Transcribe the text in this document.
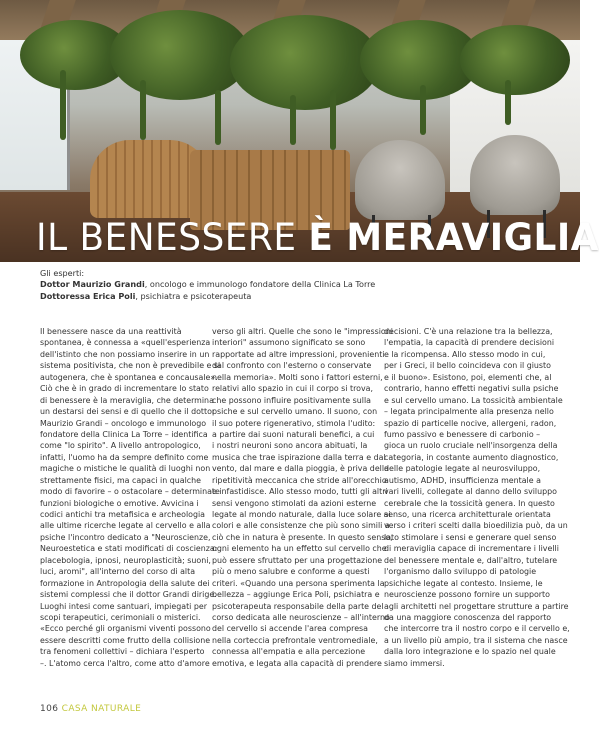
IL BENESSERE È MERAVIGLIA
Gli esperti:
Dottor Maurizio Grandi, oncologo e immunologo fondatore della Clinica La Torre
Dottoressa Erica Poli, psichiatra e psicoterapeuta
Il benessere nasce da una reattività
spontanea, è connessa a «quell'esperienza
dell'istinto che non possiamo inserire in un
sistema positivista, che non è prevedibile e si
autogenera, che è spontanea e concausale».
Ciò che è in grado di incrementare lo stato
di benessere è la meraviglia, che determina
un destarsi dei sensi e di quello che il dottor
Maurizio Grandi – oncologo e immunologo
fondatore della Clinica La Torre – identifica
come "lo spirito". A livello antropologico,
infatti, l'uomo ha da sempre definito come
magiche o mistiche le qualità di luoghi non
strettamente fisici, ma capaci in qualche
modo di favorire – o ostacolare – determinate
funzioni biologiche o emotive. Avvicina i
codici antichi tra metafisica e archeologia
alle ultime ricerche legate al cervello e alla
psiche l'incontro dedicato a "Neuroscienze,
Neuroestetica e stati modificati di coscienza:
placebologia, ipnosi, neuroplasticità; suoni,
luci, aromi", all'interno del corso di alta
formazione in Antropologia della salute dei
sistemi complessi che il dottor Grandi dirige.
Luoghi intesi come santuari, impiegati per
scopi terapeutici, cerimoniali o misterici.
«Ecco perché gli organismi viventi possono
essere descritti come frutto della collisione
tra fenomeni collettivi – dichiara l'esperto
–. L'atomo cerca l'altro, come atto d'amore
verso gli altri. Quelle che sono le "impressioni
interiori" assumono significato se sono
rapportate ad altre impressioni, provenienti
dal confronto con l'esterno o conservate
nella memoria». Molti sono i fattori esterni,
relativi allo spazio in cui il corpo si trova,
che possono influire positivamente sulla
psiche e sul cervello umano. Il suono, con
il suo potere rigenerativo, stimola l'udito:
a partire dai suoni naturali benefici, a cui
i nostri neuroni sono ancora abituati, la
musica che trae ispirazione dalla terra e dal
vento, dal mare e dalla pioggia, è priva della
ripetitività meccanica che stride all'orecchio
e infastidisce. Allo stesso modo, tutti gli altri
sensi vengono stimolati da azioni esterne
legate al mondo naturale, dalla luce solare ai
colori e alle consistenze che più sono simili a
ciò che in natura è presente. In questo senso,
ogni elemento ha un effetto sul cervello che
può essere sfruttato per una progettazione
più o meno salubre e conforme a questi
criteri. «Quando una persona sperimenta la
bellezza – aggiunge Erica Poli, psichiatra e
psicoterapeuta responsabile della parte del
corso dedicata alle neuroscienze – all'interno
del cervello si accende l'area compresa
nella corteccia prefrontale ventromediale,
connessa all'empatia e alla percezione
emotiva, e legata alla capacità di prendere
decisioni. C'è una relazione tra la bellezza,
l'empatia, la capacità di prendere decisioni
e la ricompensa. Allo stesso modo in cui,
per i Greci, il bello coincideva con il giusto
e il buono». Esistono, poi, elementi che, al
contrario, hanno effetti negativi sulla psiche
e sul cervello umano. La tossicità ambientale
– legata principalmente alla presenza nello
spazio di particelle nocive, allergeni, radon,
fumo passivo e benessere di carbonio –
gioca un ruolo cruciale nell'insorgenza della
categoria, in costante aumento diagnostico,
delle patologie legate al neurosviluppo,
autismo, ADHD, insufficienza mentale a
vari livelli, collegate al danno dello sviluppo
cerebrale che la tossicità genera. In questo
senso, una ricerca architetturale orientata
verso i criteri scelti dalla bioedilizia può, da un
lato stimolare i sensi e generare quel senso
di meraviglia capace di incrementare i livelli
del benessere mentale e, dall'altro, tutelare
l'organismo dallo sviluppo di patologie
psichiche legate al contesto. Insieme, le
neuroscienze possono fornire un supporto
agli architetti nel progettare strutture a partire
da una maggiore conoscenza del rapporto
che intercorre tra il nostro corpo e il cervello e,
a un livello più ampio, tra il sistema che nasce
dalla loro integrazione e lo spazio nel quale
siamo immersi.
106 CASA NATURALE
